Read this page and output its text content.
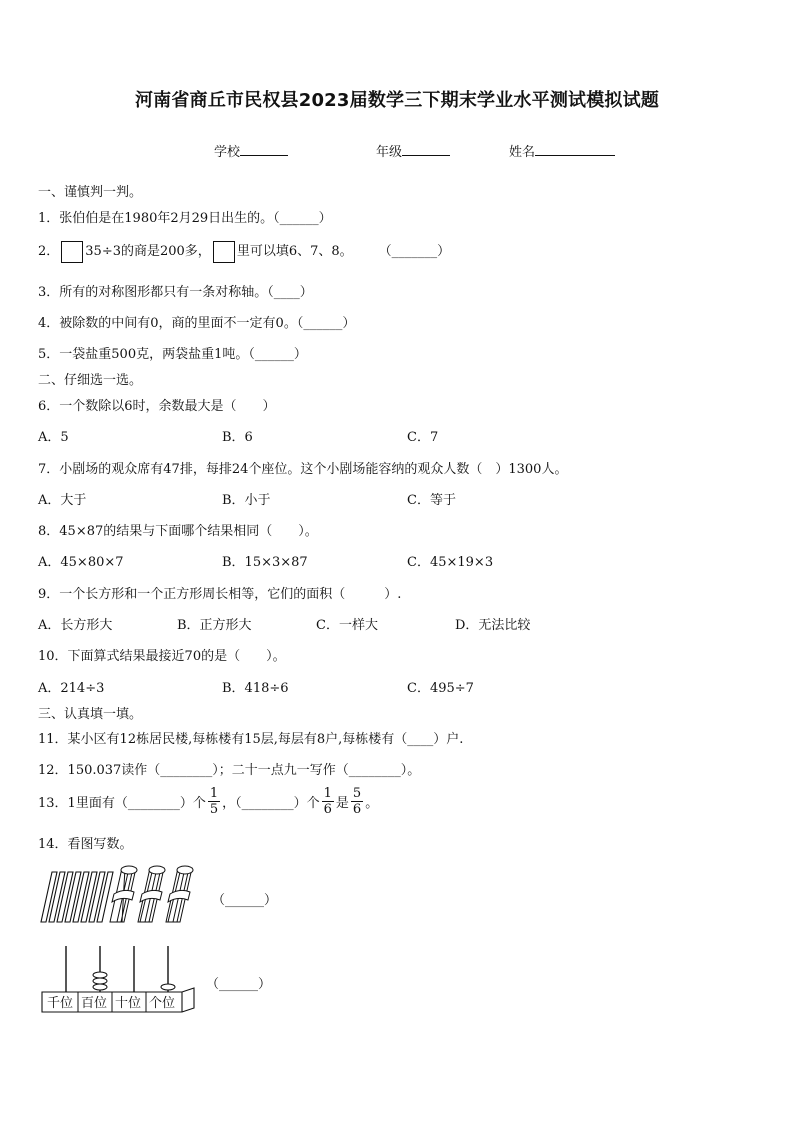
河南省商丘市民权县2023届数学三下期末学业水平测试模拟试题
学校	年级	姓名
一、谨慎判一判。
1．张伯伯是在1980年2月29日出生的。（______）
2． 35÷3的商是200多， 里可以填6、7、8。 （_______）
3．所有的对称图形都只有一条对称轴。（____）
4．被除数的中间有0，商的里面不一定有0。（______）
5．一袋盐重500克，两袋盐重1吨。（______）
二、仔细选一选。
6．一个数除以6时，余数最大是（　　）
A．5	B．6	C．7
7．小剧场的观众席有47排，每排24个座位。这个小剧场能容纳的观众人数（　）1300人。
A．大于	B．小于	C．等于
8．45×87的结果与下面哪个结果相同（　　）。
A．45×80×7	B．15×3×87	C．45×19×3
9．一个长方形和一个正方形周长相等，它们的面积（　　　）.
A．长方形大	B．正方形大	C．一样大	D．无法比较
10．下面算式结果最接近70的是（　　）。
A．214÷3	B．418÷6	C．495÷7
三、认真填一填。
11．某小区有12栋居民楼,每栋楼有15层,每层有8户,每栋楼有（____）户.
12．150.037读作（________）；二十一点九一写作（________）。
13．1里面有（________）个 $\frac{1}{5}$ ，（________）个 $\frac{1}{6}$ 是 $\frac{5}{6}$ 。
14．看图写数。
（______）
千位 百位 十位 个位
（______）
